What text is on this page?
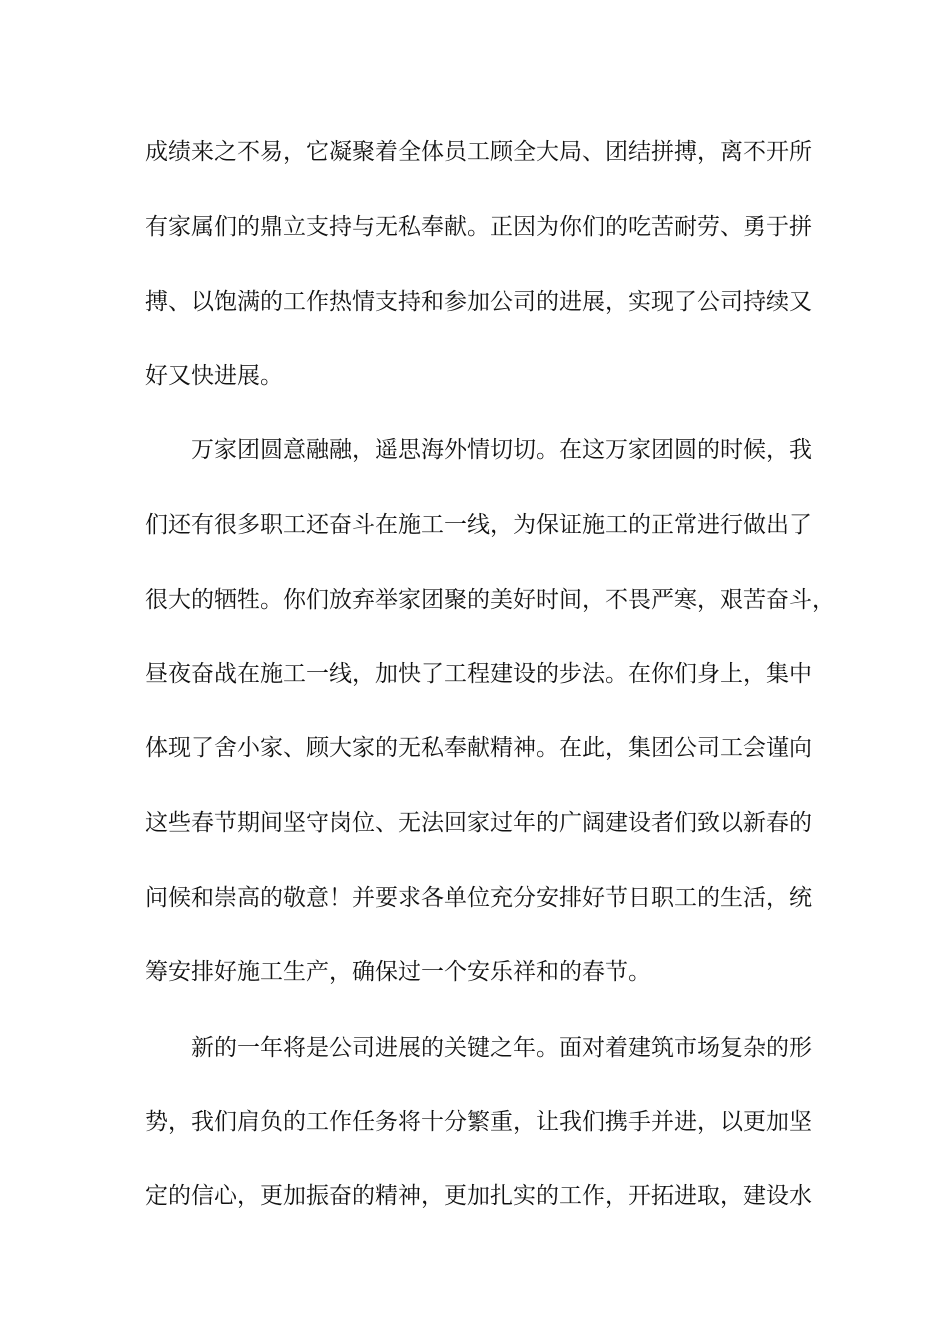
成绩来之不易，它凝聚着全体员工顾全大局、团结拼搏，离不开所
有家属们的鼎立支持与无私奉献。正因为你们的吃苦耐劳、勇于拼
搏、以饱满的工作热情支持和参加公司的进展，实现了公司持续又
好又快进展。
万家团圆意融融，遥思海外情切切。在这万家团圆的时候，我
们还有很多职工还奋斗在施工一线，为保证施工的正常进行做出了
很大的牺牲。你们放弃举家团聚的美好时间，不畏严寒，艰苦奋斗，
昼夜奋战在施工一线，加快了工程建设的步法。在你们身上，集中
体现了舍小家、顾大家的无私奉献精神。在此，集团公司工会谨向
这些春节期间坚守岗位、无法回家过年的广阔建设者们致以新春的
问候和崇高的敬意！并要求各单位充分安排好节日职工的生活，统
筹安排好施工生产，确保过一个安乐祥和的春节。
新的一年将是公司进展的关键之年。面对着建筑市场复杂的形
势，我们肩负的工作任务将十分繁重，让我们携手并进，以更加坚
定的信心，更加振奋的精神，更加扎实的工作，开拓进取，建设水
